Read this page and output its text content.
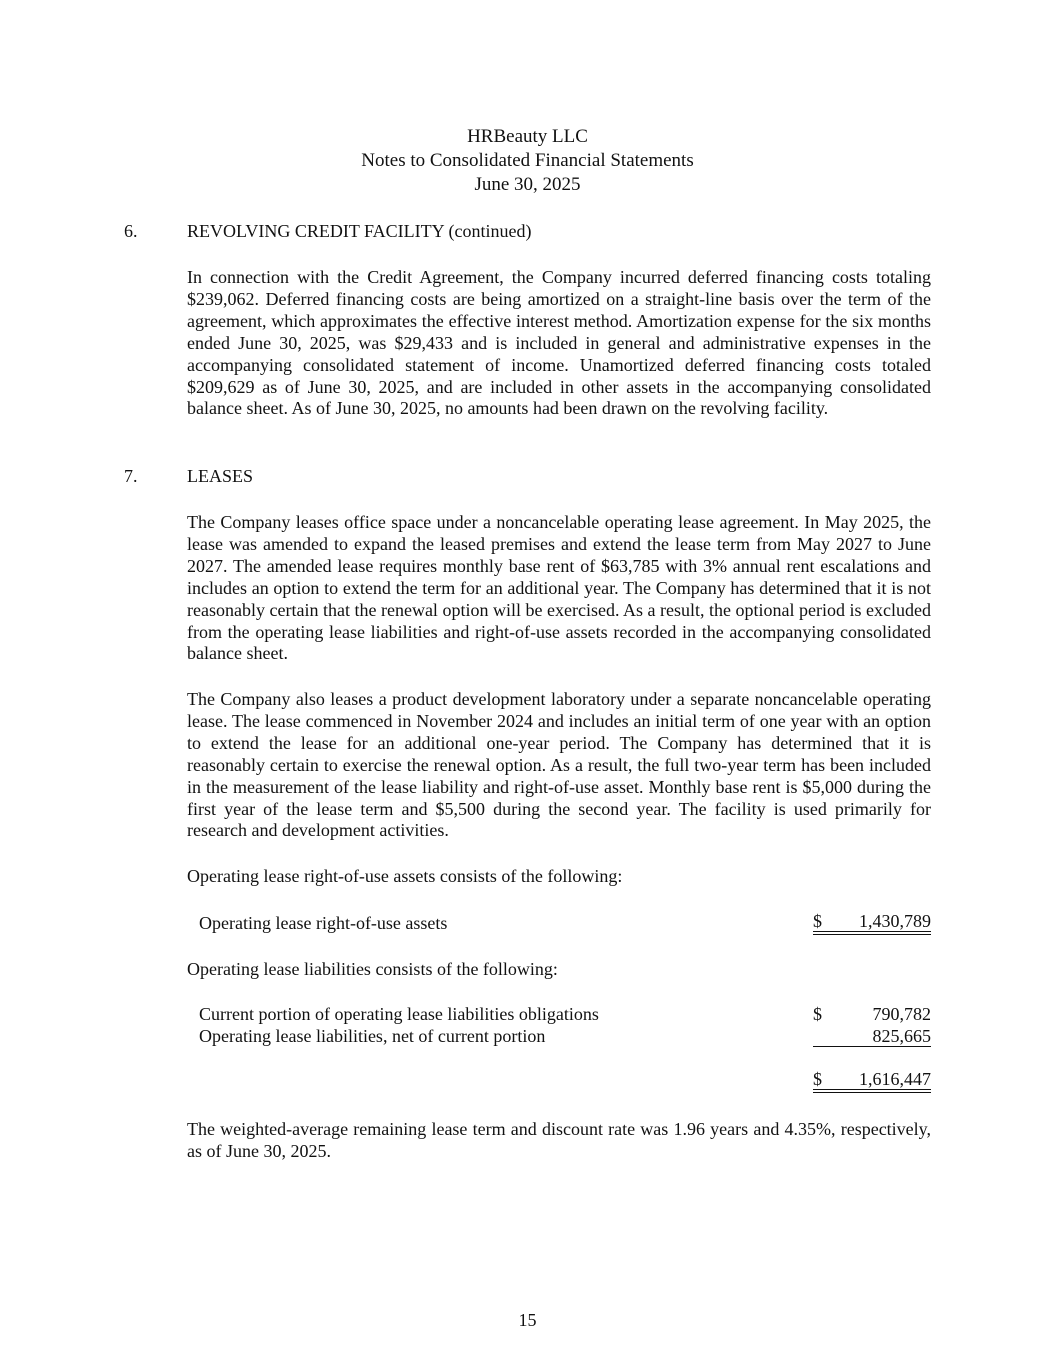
HRBeauty LLC
Notes to Consolidated Financial Statements
June 30, 2025
6.	REVOLVING CREDIT FACILITY (continued)

In connection with the Credit Agreement, the Company incurred deferred financing costs totaling $239,062. Deferred financing costs are being amortized on a straight-line basis over the term of the agreement, which approximates the effective interest method. Amortization expense for the six months ended June 30, 2025, was $29,433 and is included in general and administrative expenses in the accompanying consolidated statement of income. Unamortized deferred financing costs totaled $209,629 as of June 30, 2025, and are included in other assets in the accompanying consolidated balance sheet. As of June 30, 2025, no amounts had been drawn on the revolving facility.

7.	LEASES

The Company leases office space under a noncancelable operating lease agreement. In May 2025, the lease was amended to expand the leased premises and extend the lease term from May 2027 to June 2027. The amended lease requires monthly base rent of $63,785 with 3% annual rent escalations and includes an option to extend the term for an additional year. The Company has determined that it is not reasonably certain that the renewal option will be exercised. As a result, the optional period is excluded from the operating lease liabilities and right-of-use assets recorded in the accompanying consolidated balance sheet.

The Company also leases a product development laboratory under a separate noncancelable operating lease. The lease commenced in November 2024 and includes an initial term of one year with an option to extend the lease for an additional one-year period. The Company has determined that it is reasonably certain to exercise the renewal option. As a result, the full two-year term has been included in the measurement of the lease liability and right-of-use asset. Monthly base rent is $5,000 during the first year of the lease term and $5,500 during the second year. The facility is used primarily for research and development activities.

Operating lease right-of-use assets consists of the following:
Operating lease right-of-use assets	$ 1,430,789
Operating lease liabilities consists of the following:
Current portion of operating lease liabilities obligations	$	790,782
Operating lease liabilities, net of current portion	825,665
$ 1,616,447

The weighted-average remaining lease term and discount rate was 1.96 years and 4.35%, respectively, as of June 30, 2025.

15
